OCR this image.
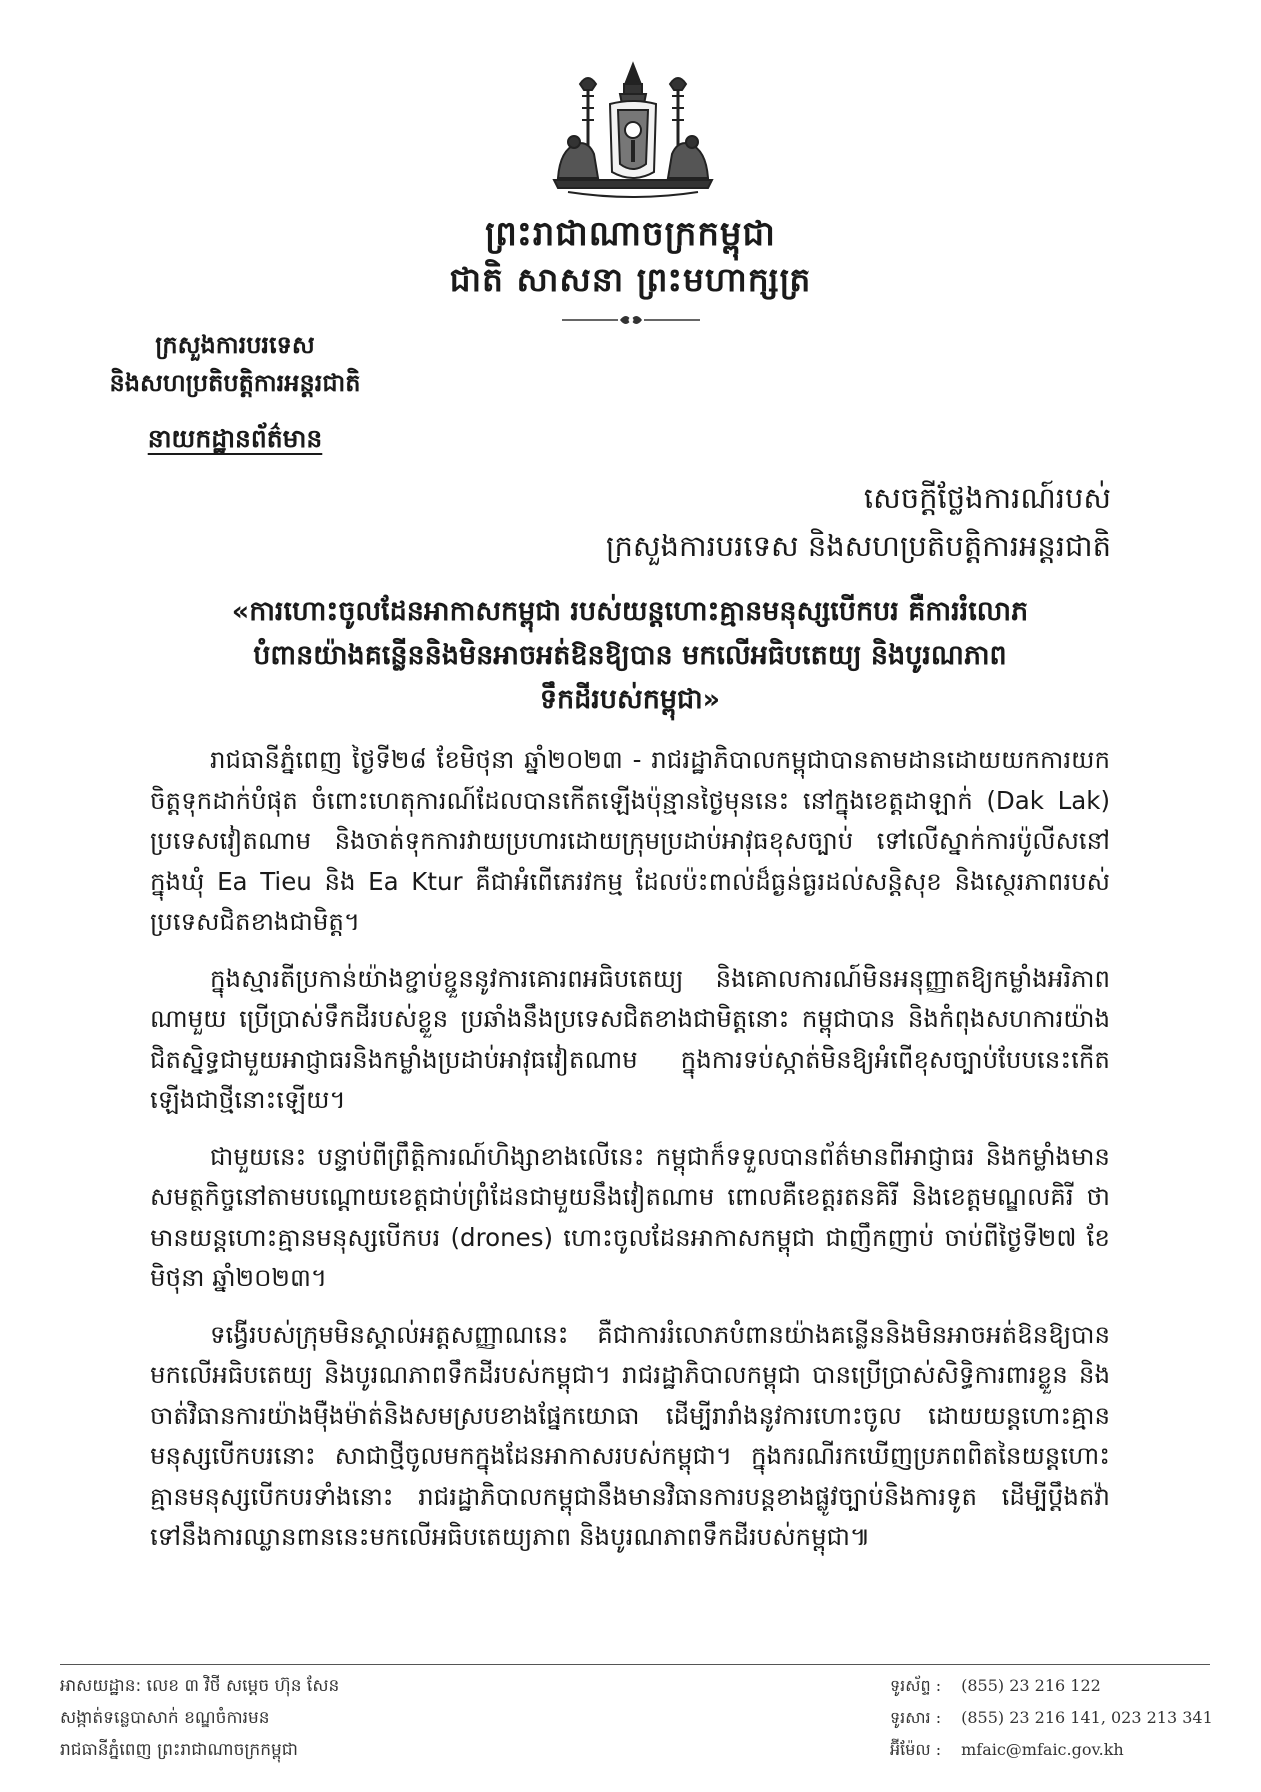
ព្រះរាជាណាចក្រកម្ពុជា
ជាតិ សាសនា ព្រះមហាក្សត្រ
ក្រសួងការបរទេស
និងសហប្រតិបត្តិការអន្តរជាតិ
នាយកដ្ឋានព័ត៌មាន
សេចក្តីថ្លែងការណ៍របស់
ក្រសួងការបរទេស និងសហប្រតិបត្តិការអន្តរជាតិ
«ការហោះចូលដែនអាកាសកម្ពុជា របស់យន្តហោះគ្មានមនុស្សបើកបរ គឺការរំលោភ
បំពានយ៉ាងគន្លើននិងមិនអាចអត់ឱនឱ្យបាន មកលើអធិបតេយ្យ និងបូរណភាព
ទឹកដីរបស់កម្ពុជា»

រាជធានីភ្នំពេញ ថ្ងៃទី២៨ ខែមិថុនា ឆ្នាំ២០២៣ - រាជរដ្ឋាភិបាលកម្ពុជាបានតាមដានដោយយកការយកចិត្តទុកដាក់បំផុត ចំពោះហេតុការណ៍ដែលបានកើតឡើងប៉ុន្មានថ្ងៃមុននេះ នៅក្នុងខេត្តដាឡាក់ (Dak Lak) ប្រទេសវៀតណាម និងចាត់ទុកការវាយប្រហារដោយក្រុមប្រដាប់អាវុធខុសច្បាប់ ទៅលើស្នាក់ការប៉ូលីសនៅក្នុងឃុំ Ea Tieu និង Ea Ktur គឺជាអំពើភេរវកម្ម ដែលប៉ះពាល់ដ៏ធ្ងន់ធ្ងរដល់សន្តិសុខ និងស្ថេរភាពរបស់ប្រទេសជិតខាងជាមិត្ត។

ក្នុងស្មារតីប្រកាន់យ៉ាងខ្ជាប់ខ្ជួននូវការគោរពអធិបតេយ្យ និងគោលការណ៍មិនអនុញ្ញាតឱ្យកម្លាំងអរិភាពណាមួយ ប្រើប្រាស់ទឹកដីរបស់ខ្លួន ប្រឆាំងនឹងប្រទេសជិតខាងជាមិត្តនោះ កម្ពុជាបាន និងកំពុងសហការយ៉ាងជិតស្និទ្ធជាមួយអាជ្ញាធរនិងកម្លាំងប្រដាប់អាវុធវៀតណាម ក្នុងការទប់ស្កាត់មិនឱ្យអំពើខុសច្បាប់បែបនេះកើតឡើងជាថ្មីនោះឡើយ។

ជាមួយនេះ បន្ទាប់ពីព្រឹត្តិការណ៍ហិង្សាខាងលើនេះ កម្ពុជាក៏ទទួលបានព័ត៌មានពីអាជ្ញាធរ និងកម្លាំងមានសមត្ថកិច្ចនៅតាមបណ្តោយខេត្តជាប់ព្រំដែនជាមួយនឹងវៀតណាម ពោលគឺខេត្តរតនគិរី និងខេត្តមណ្ឌលគិរី ថា មានយន្តហោះគ្មានមនុស្សបើកបរ (drones) ហោះចូលដែនអាកាសកម្ពុជា ជាញឹកញាប់ ចាប់ពីថ្ងៃទី២៧ ខែមិថុនា ឆ្នាំ២០២៣។

ទង្វើរបស់ក្រុមមិនស្គាល់អត្តសញ្ញាណនេះ គឺជាការរំលោភបំពានយ៉ាងគន្លើននិងមិនអាចអត់ឱនឱ្យបាន មកលើអធិបតេយ្យ និងបូរណភាពទឹកដីរបស់កម្ពុជា។ រាជរដ្ឋាភិបាលកម្ពុជា បានប្រើប្រាស់សិទ្ធិការពារខ្លួន និងចាត់វិធានការយ៉ាងម៉ឺងម៉ាត់និងសមស្របខាងផ្នែកយោធា ដើម្បីរារាំងនូវការហោះចូល ដោយយន្តហោះគ្មានមនុស្សបើកបរនោះ សាជាថ្មីចូលមកក្នុងដែនអាកាសរបស់កម្ពុជា។ ក្នុងករណីរកឃើញប្រភពពិតនៃយន្តហោះគ្មានមនុស្សបើកបរទាំងនោះ រាជរដ្ឋាភិបាលកម្ពុជានឹងមានវិធានការបន្តខាងផ្លូវច្បាប់និងការទូត ដើម្បីប្តឹងតវ៉ាទៅនឹងការឈ្លានពាននេះមកលើអធិបតេយ្យភាព និងបូរណភាពទឹកដីរបស់កម្ពុជា៕

អាសយដ្ឋាន: លេខ ៣ វិថី សម្តេច ហ៊ុន សែន
សង្កាត់ទន្លេបាសាក់ ខណ្ឌចំការមន
រាជធានីភ្នំពេញ ព្រះរាជាណាចក្រកម្ពុជា
ទូរស័ព្ទ : (855) 23 216 122
ទូរសារ : (855) 23 216 141, 023 213 341
អ៊ីម៉ែល : mfaic@mfaic.gov.kh
